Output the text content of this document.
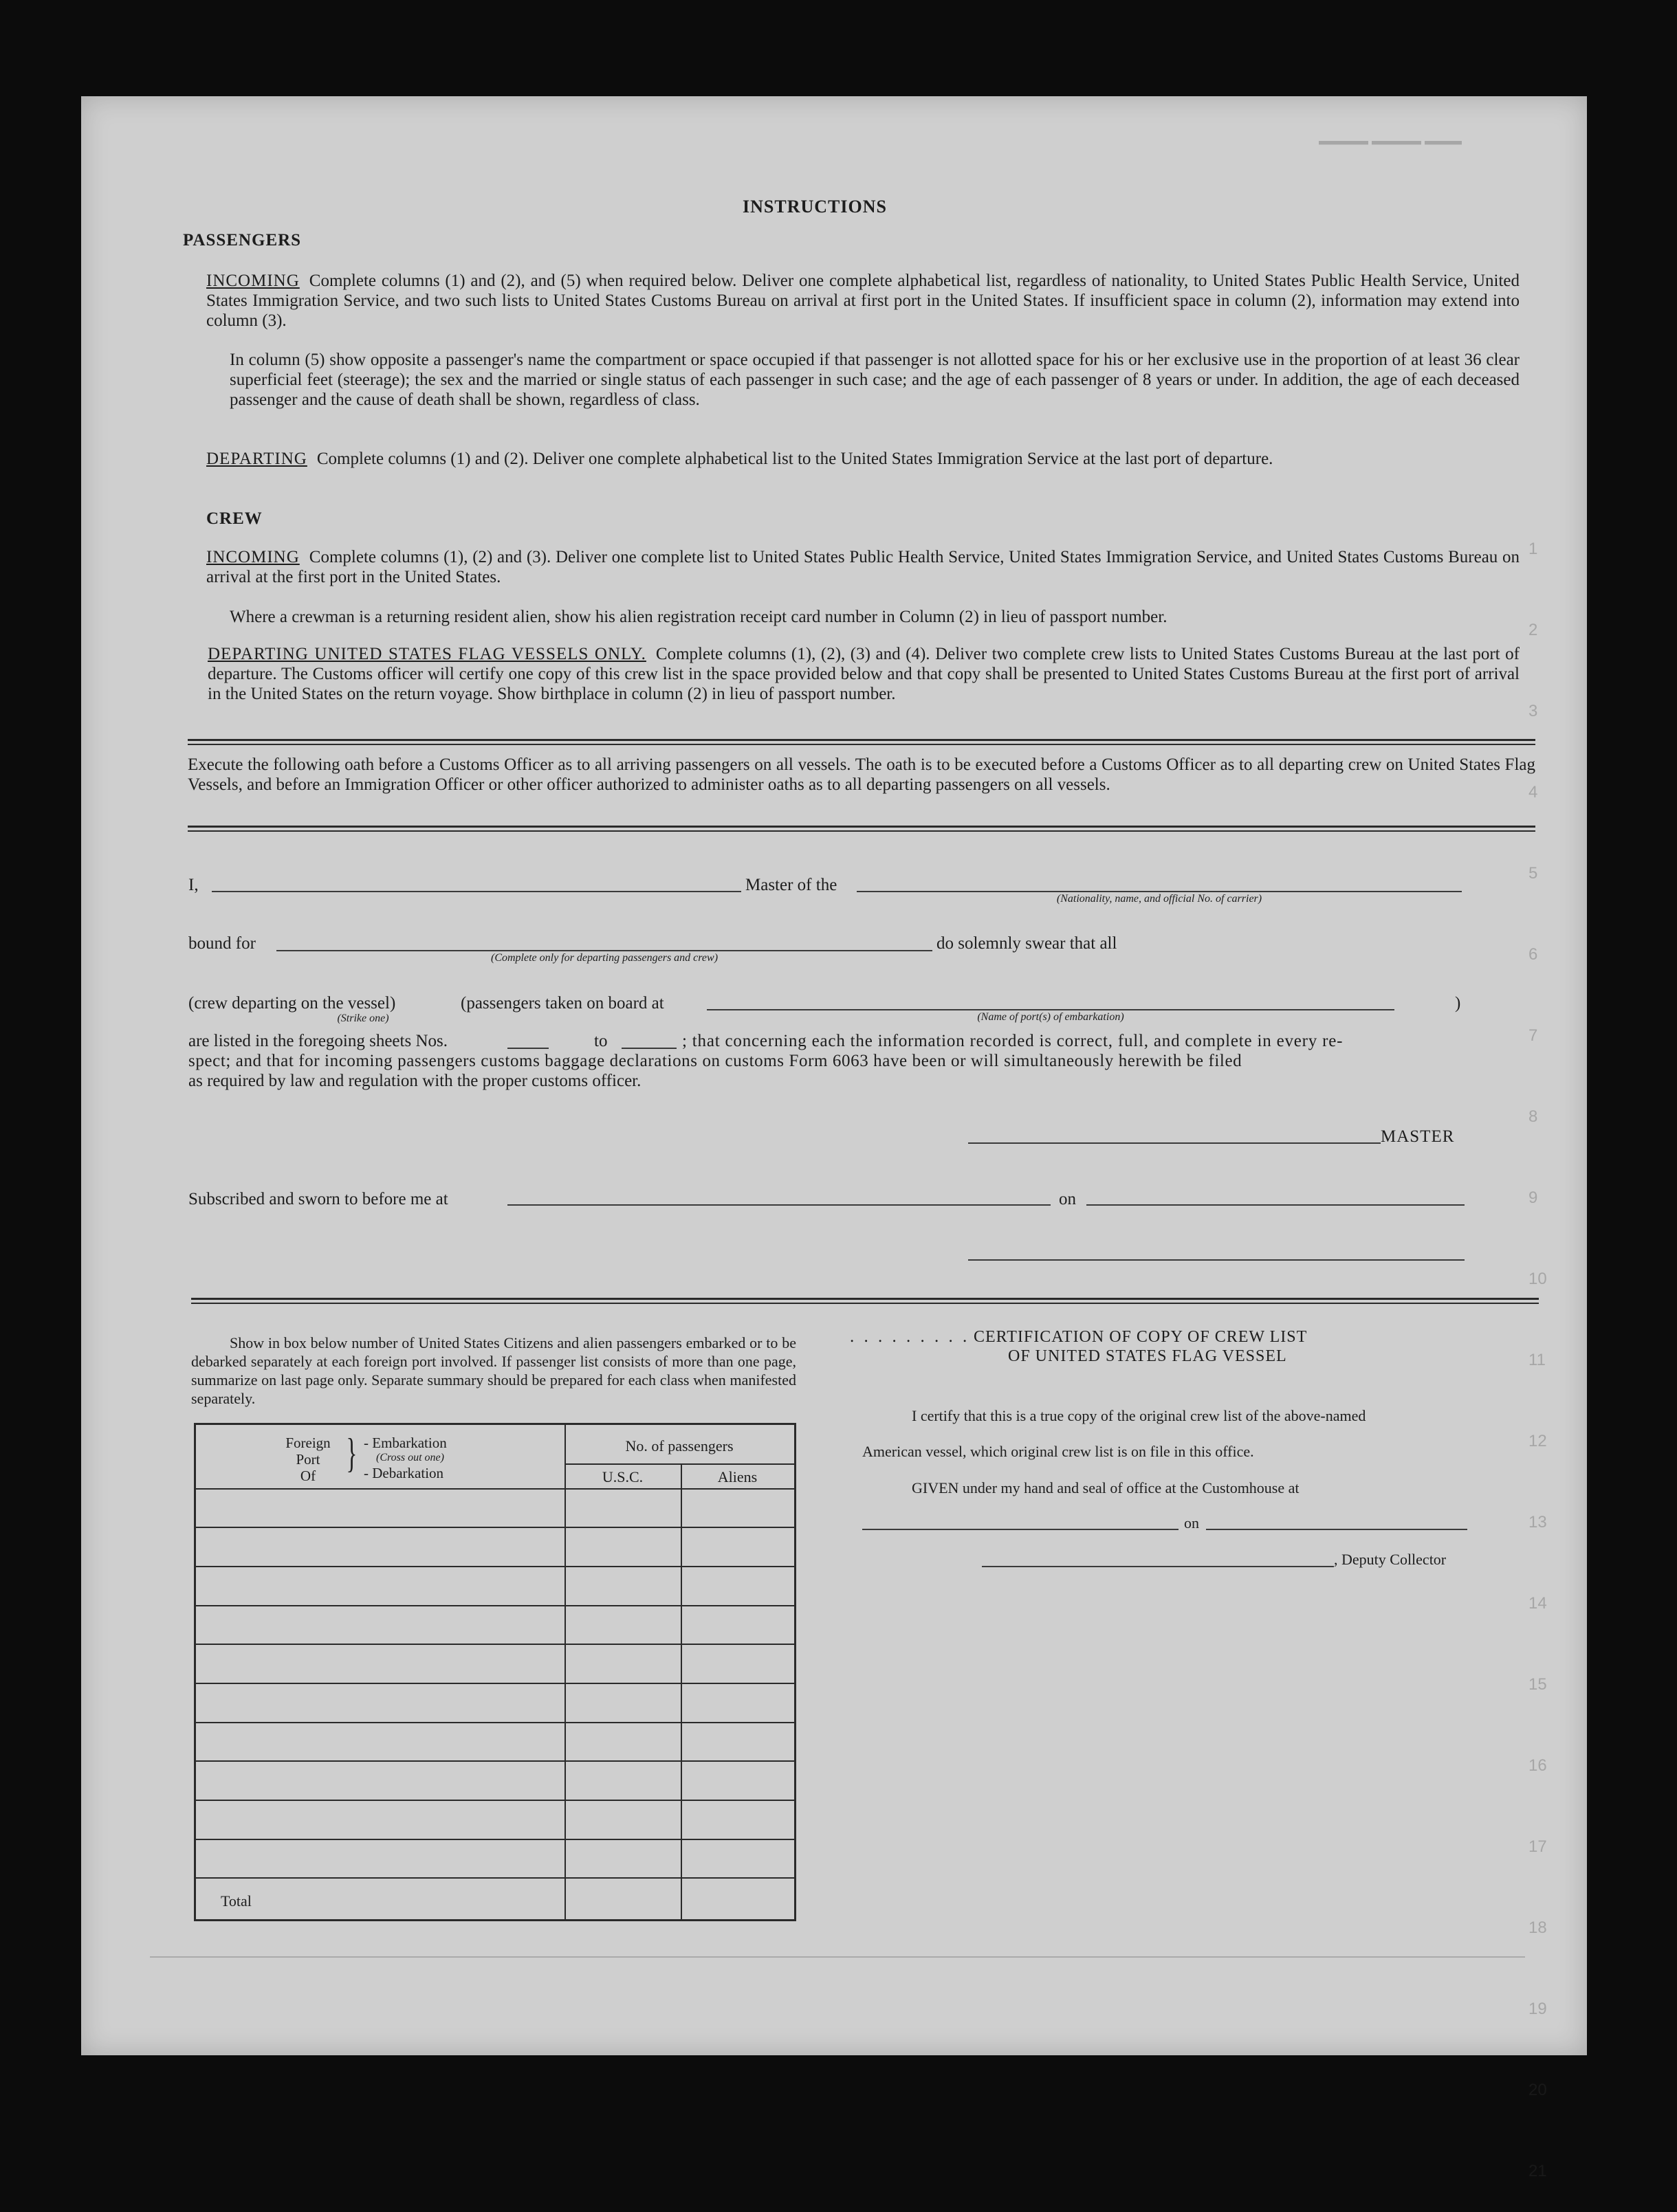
▬▬▬ ▬▬▬▬ ▬▬▬▬
1
2
3
4
5
6
7
8
9
10
11
12
13
14
15
16
17
18
19
20
21
INSTRUCTIONS
PASSENGERS
INCOMING Complete columns (1) and (2), and (5) when required below. Deliver one complete alphabetical list, regardless of nationality, to United States Public Health Service, United States Immigration Service, and two such lists to United States Customs Bureau on arrival at first port in the United States. If insufficient space in column (2), information may extend into column (3).
In column (5) show opposite a passenger's name the compartment or space occupied if that passenger is not allotted space for his or her exclusive use in the proportion of at least 36 clear superficial feet (steerage); the sex and the married or single status of each passenger in such case; and the age of each passenger of 8 years or under. In addition, the age of each deceased passenger and the cause of death shall be shown, regardless of class.
DEPARTING Complete columns (1) and (2). Deliver one complete alphabetical list to the United States Immigration Service at the last port of departure.
CREW
INCOMING Complete columns (1), (2) and (3). Deliver one complete list to United States Public Health Service, United States Immigration Service, and United States Customs Bureau on arrival at the first port in the United States.
Where a crewman is a returning resident alien, show his alien registration receipt card number in Column (2) in lieu of passport number.
DEPARTING UNITED STATES FLAG VESSELS ONLY. Complete columns (1), (2), (3) and (4). Deliver two complete crew lists to United States Customs Bureau at the last port of departure. The Customs officer will certify one copy of this crew list in the space provided below and that copy shall be presented to United States Customs Bureau at the first port of arrival in the United States on the return voyage. Show birthplace in column (2) in lieu of passport number.
Execute the following oath before a Customs Officer as to all arriving passengers on all vessels. The oath is to be executed before a Customs Officer as to all departing crew on United States Flag Vessels, and before an Immigration Officer or other officer authorized to administer oaths as to all departing passengers on all vessels.
I,	Master of the
(Nationality, name, and official No. of carrier)
bound for
(Complete only for departing passengers and crew)
do solemnly swear that all
(crew departing on the vessel)
(Strike one)
(passengers taken on board at
(Name of port(s) of embarkation)
)
are listed in the foregoing sheets Nos.	to	; that concerning each the information recorded is correct, full, and complete in every re-
spect; and that for incoming passengers customs baggage declarations on customs Form 6063 have been or will simultaneously herewith be filed
as required by law and regulation with the proper customs officer.
MASTER
Subscribed and sworn to before me at	on
Show in box below number of United States Citizens and alien passengers embarked or to be debarked separately at each foreign port involved. If passenger list consists of more than one page, summarize on last page only. Separate summary should be prepared for each class when manifested separately.
Foreign
Port
Of } - Embarkation
(Cross out one)
- Debarkation
No. of passengers
U.S.C.	Aliens
Total
. . . . . . . . . CERTIFICATION OF COPY OF CREW LIST
OF UNITED STATES FLAG VESSEL
I certify that this is a true copy of the original crew list of the above-named
American vessel, which original crew list is on file in this office.
GIVEN under my hand and seal of office at the Customhouse at
on
, Deputy Collector
